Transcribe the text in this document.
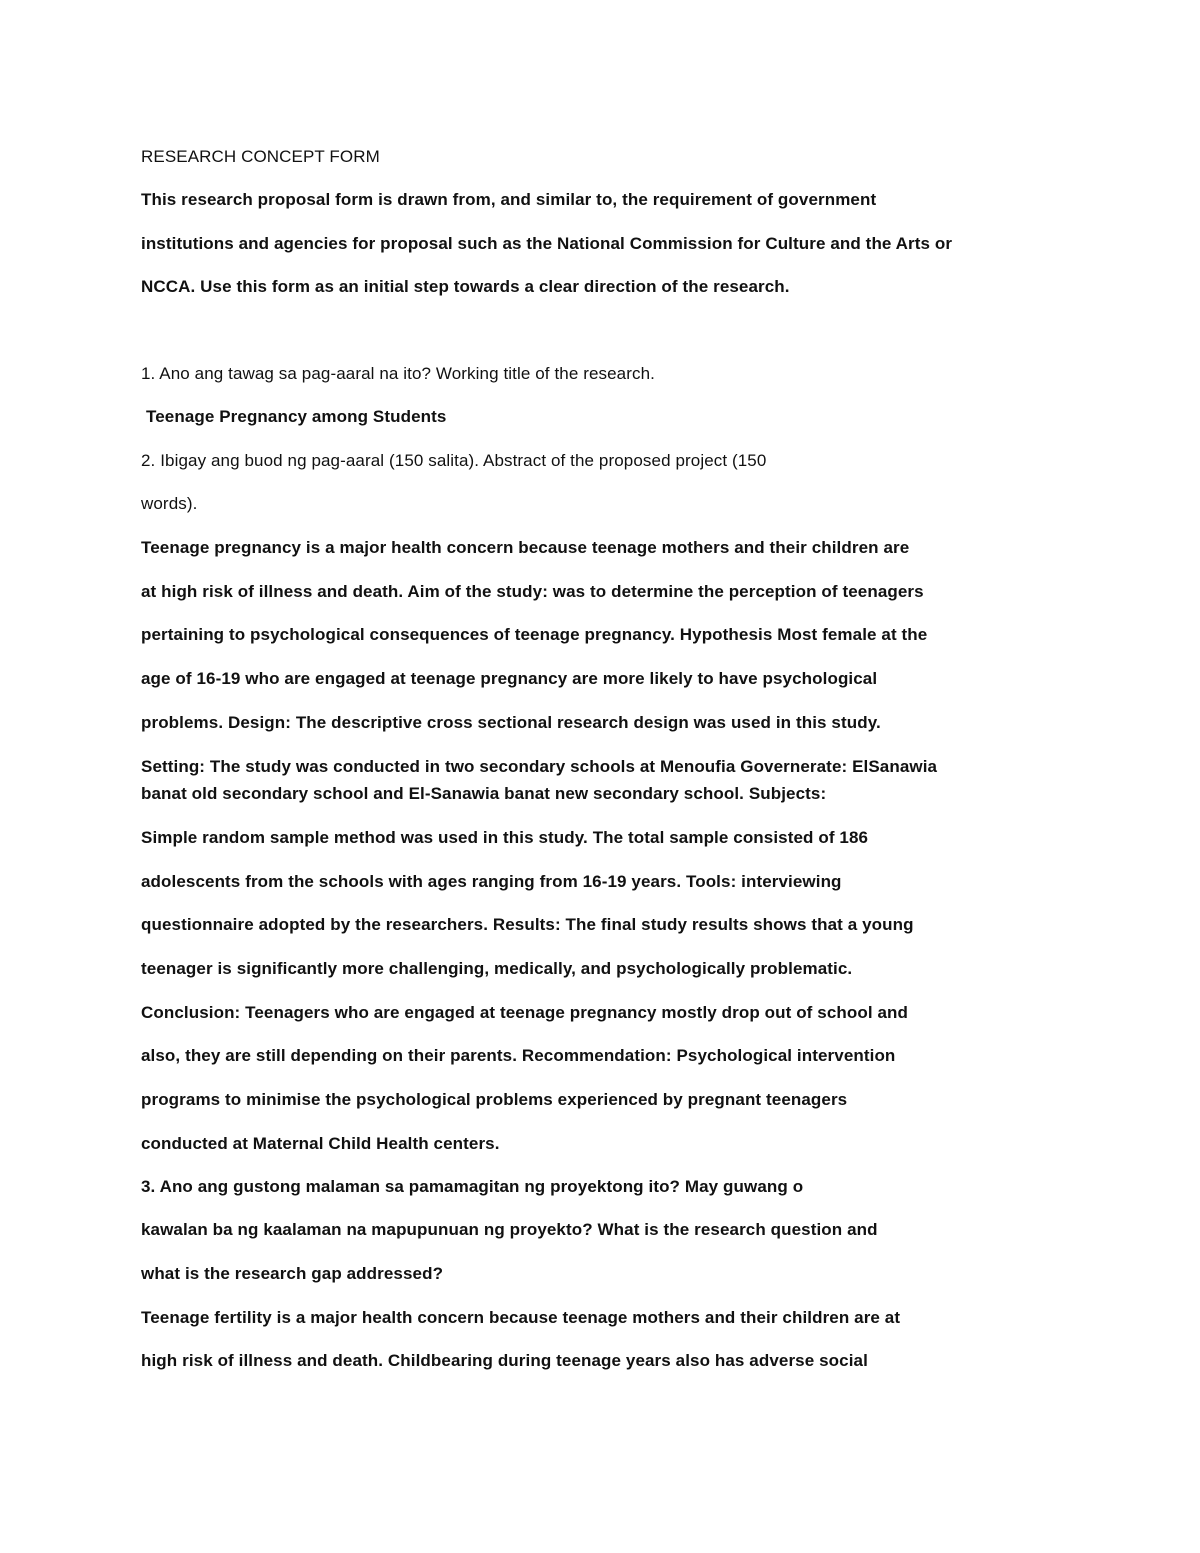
RESEARCH CONCEPT FORM
This research proposal form is drawn from, and similar to, the requirement of government
institutions and agencies for proposal such as the National Commission for Culture and the Arts or
NCCA. Use this form as an initial step towards a clear direction of the research.
1. Ano ang tawag sa pag-aaral na ito? Working title of the research.
Teenage Pregnancy among Students
2. Ibigay ang buod ng pag-aaral (150 salita). Abstract of the proposed project (150
words).
Teenage pregnancy is a major health concern because teenage mothers and their children are
at high risk of illness and death. Aim of the study: was to determine the perception of teenagers
pertaining to psychological consequences of teenage pregnancy. Hypothesis Most female at the
age of 16-19 who are engaged at teenage pregnancy are more likely to have psychological
problems. Design: The descriptive cross sectional research design was used in this study.
Setting: The study was conducted in two secondary schools at Menoufia Governerate: ElSanawia
banat old secondary school and El-Sanawia banat new secondary school. Subjects:
Simple random sample method was used in this study. The total sample consisted of 186
adolescents from the schools with ages ranging from 16-19 years. Tools: interviewing
questionnaire adopted by the researchers. Results: The final study results shows that a young
teenager is significantly more challenging, medically, and psychologically problematic.
Conclusion: Teenagers who are engaged at teenage pregnancy mostly drop out of school and
also, they are still depending on their parents. Recommendation: Psychological intervention
programs to minimise the psychological problems experienced by pregnant teenagers
conducted at Maternal Child Health centers.
3. Ano ang gustong malaman sa pamamagitan ng proyektong ito? May guwang o
kawalan ba ng kaalaman na mapupunuan ng proyekto? What is the research question and
what is the research gap addressed?
Teenage fertility is a major health concern because teenage mothers and their children are at
high risk of illness and death. Childbearing during teenage years also has adverse social
